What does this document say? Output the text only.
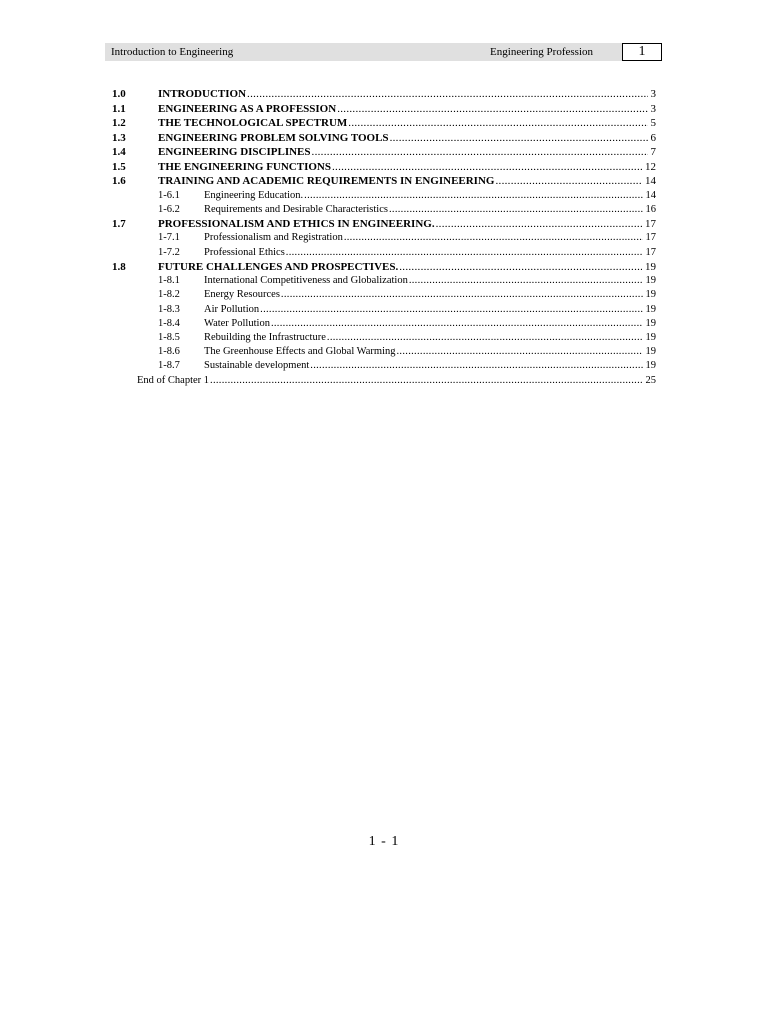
Introduction to Engineering	Engineering Profession	1
1.0	INTRODUCTION .....	3
1.1	ENGINEERING AS A PROFESSION .....	3
1.2	THE TECHNOLOGICAL SPECTRUM .....	5
1.3	ENGINEERING PROBLEM SOLVING TOOLS .....	6
1.4	ENGINEERING DISCIPLINES .....	7
1.5	THE ENGINEERING FUNCTIONS .....	12
1.6	TRAINING AND ACADEMIC REQUIREMENTS IN ENGINEERING .....	14
1-6.1	Engineering Education. .....	14
1-6.2	Requirements and Desirable Characteristics .....	16
1.7	PROFESSIONALISM AND ETHICS IN ENGINEERING. .....	17
1-7.1	Professionalism and Registration .....	17
1-7.2	Professional Ethics .....	17
1.8	FUTURE CHALLENGES AND PROSPECTIVES. .....	19
1-8.1	International Competitiveness and Globalization .....	19
1-8.2	Energy Resources .....	19
1-8.3	Air Pollution .....	19
1-8.4	Water Pollution .....	19
1-8.5	Rebuilding the Infrastructure .....	19
1-8.6	The Greenhouse Effects and Global Warming .....	19
1-8.7	Sustainable development .....	19
End of Chapter 1 .....	25
1 - 1
